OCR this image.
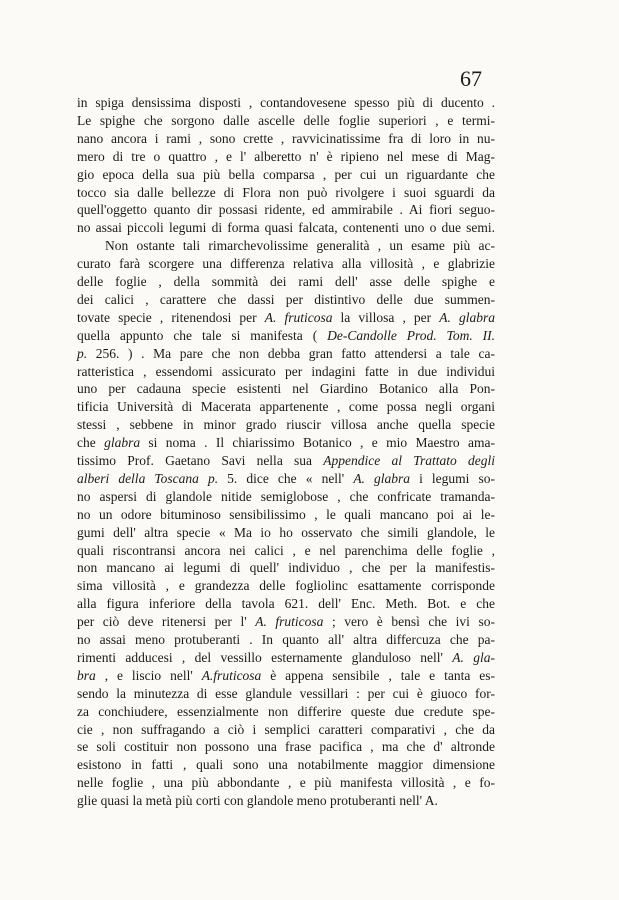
67
in spiga densissima disposti , contandovesene spesso più di ducento .
Le spighe che sorgono dalle ascelle delle foglie superiori , e termi-
nano ancora i rami , sono crette , ravvicinatissime fra di loro in nu-
mero di tre o quattro , e l' alberetto n' è ripieno nel mese di Mag-
gio epoca della sua più bella comparsa , per cui un riguardante che
tocco sia dalle bellezze di Flora non può rivolgere i suoi sguardi da
quell'oggetto quanto dir possasi ridente, ed ammirabile . Ai fiori seguo-
no assai piccoli legumi di forma quasi falcata, contenenti uno o due semi.
Non ostante tali rimarchevolissime generalità , un esame più ac-
curato farà scorgere una differenza relativa alla villosità , e glabrizie
delle foglie , della sommità dei rami dell' asse delle spighe e
dei calici , carattere che dassi per distintivo delle due summen-
tovate specie , ritenendosi per A. fruticosa la villosa , per A. glabra
quella appunto che tale si manifesta ( De-Candolle Prod. Tom. II.
p. 256. ) . Ma pare che non debba gran fatto attendersi a tale ca-
ratteristica , essendomi assicurato per indagini fatte in due individui
uno per cadauna specie esistenti nel Giardino Botanico alla Pon-
tificia Università di Macerata appartenente , come possa negli organi
stessi , sebbene in minor grado riuscir villosa anche quella specie
che glabra si noma . Il chiarissimo Botanico , e mio Maestro ama-
tissimo Prof. Gaetano Savi nella sua Appendice al Trattato degli
alberi della Toscana p. 5. dice che « nell' A. glabra i legumi so-
no aspersi di glandole nitide semiglobose , che confricate tramanda-
no un odore bituminoso sensibilissimo , le quali mancano poi ai le-
gumi dell' altra specie « Ma io ho osservato che simili glandole, le
quali riscontransi ancora nei calici , e nel parenchima delle foglie ,
non mancano ai legumi di quell' individuo , che per la manifestis-
sima villosità , e grandezza delle fogliolinc esattamente corrisponde
alla figura inferiore della tavola 621. dell' Enc. Meth. Bot. e che
per ciò deve ritenersi per l' A. fruticosa ; vero è bensì che ivi so-
no assai meno protuberanti . In quanto all' altra differcuza che pa-
rimenti adducesi , del vessillo esternamente glanduloso nell' A. gla-
bra , e liscio nell' A.fruticosa è appena sensibile , tale e tanta es-
sendo la minutezza di esse glandule vessillari : per cui è giuoco for-
za conchiudere, essenzialmente non differire queste due credute spe-
cie , non suffragando a ciò i semplici caratteri comparativi , che da
se soli costituir non possono una frase pacifica , ma che d' altronde
esistono in fatti , quali sono una notabilmente maggior dimensione
nelle foglie , una più abbondante , e più manifesta villosità , e fo-
glie quasi la metà più corti con glandole meno protuberanti nell' A.
